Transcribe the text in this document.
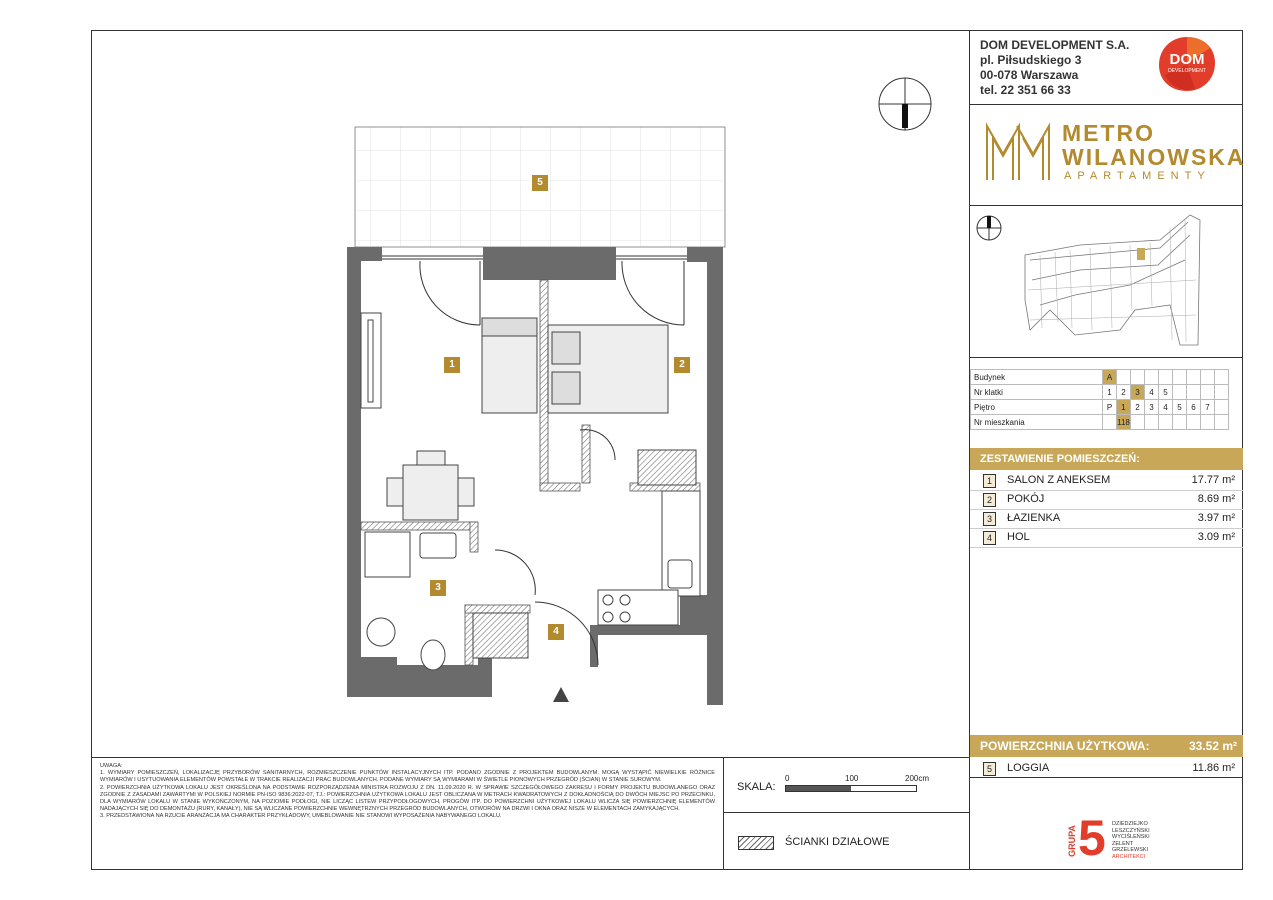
DOM DEVELOPMENT S.A.
pl. Piłsudskiego 3
00-078 Warszawa
tel. 22 351 66 33
DOM
DEVELOPMENT
METRO
WILANOWSKA
APARTAMENTY
Budynek	A								
Nr klatki	1	2	3	4	5				
Piętro	P	1	2	3	4	5	6	7	
Nr mieszkania		118							
ZESTAWIENIE POMIESZCZEŃ:
1	SALON Z ANEKSEM	17.77 m²
2	POKÓJ	8.69 m²
3	ŁAZIENKA	3.97 m²
4	HOL	3.09 m²
POWIERZCHNIA UŻYTKOWA:	33.52 m²
5	LOGGIA	11.86 m²
GRUPA 5 DZIEDZIEJKO
LESZCZYŃSKI
WYCIŚLEŃSKI
ZELENT
GRZELEWSKI
ARCHITEKCI
UWAGA:
1. WYMIARY POMIESZCZEŃ, LOKALIZACJĘ PRZYBORÓW SANITARNYCH, ROZMIESZCZENIE PUNKTÓW INSTALACYJNYCH ITP. PODANO ZGODNIE Z PROJEKTEM BUDOWLANYM. MOGĄ WYSTĄPIĆ NIEWIELKIE RÓŻNICE WYMIARÓW I USYTUOWANIA ELEMENTÓW POWSTAŁE W TRAKCIE REALIZACJI PRAC BUDOWLANYCH. PODANE WYMIARY SĄ WYMIARAMI W ŚWIETLE PIONOWYCH PRZEGRÓD (ŚCIAN) W STANIE SUROWYM.
2. POWIERZCHNIA UŻYTKOWA LOKALU JEST OKREŚLONA NA PODSTAWIE ROZPORZĄDZENIA MINISTRA ROZWOJU Z DN. 11.09.2020 R. W SPRAWIE SZCZEGÓŁOWEGO ZAKRESU I FORMY PROJEKTU BUDOWLANEGO ORAZ ZGODNIE Z ZASADAMI ZAWARTYMI W POLSKIEJ NORMIE PN-ISO 9836:2022-07, TJ.: POWIERZCHNIA UŻYTKOWA LOKALU JEST OBLICZANA W METRACH KWADRATOWYCH Z DOKŁADNOŚCIĄ DO DWÓCH MIEJSC PO PRZECINKU, DLA WYMIARÓW LOKALU W STANIE WYKOŃCZONYM, NA POZIOMIE PODŁOGI, NIE LICZĄC LISTEW PRZYPODŁOGOWYCH, PROGÓW ITP. DO POWIERZCHNI UŻYTKOWEJ LOKALU WLICZA SIĘ POWIERZCHNIĘ ELEMENTÓW NADAJĄCYCH SIĘ DO DEMONTAŻU (RURY, KANAŁY), NIE SĄ WLICZANE POWIERZCHNIE WEWNĘTRZNYCH PRZEGRÓD BUDOWLANYCH, OTWORÓW NA DRZWI I OKNA ORAZ NISZE W ELEMENTACH ZAMYKAJĄCYCH.
3. PRZEDSTAWIONA NA RZUCIE ARANŻACJA MA CHARAKTER PRZYKŁADOWY, UMEBLOWANIE NIE STANOWI WYPOSAŻENIA NABYWANEGO LOKALU.
SKALA:
0	100	200cm
ŚCIANKI DZIAŁOWE
5
1	2
3
4
